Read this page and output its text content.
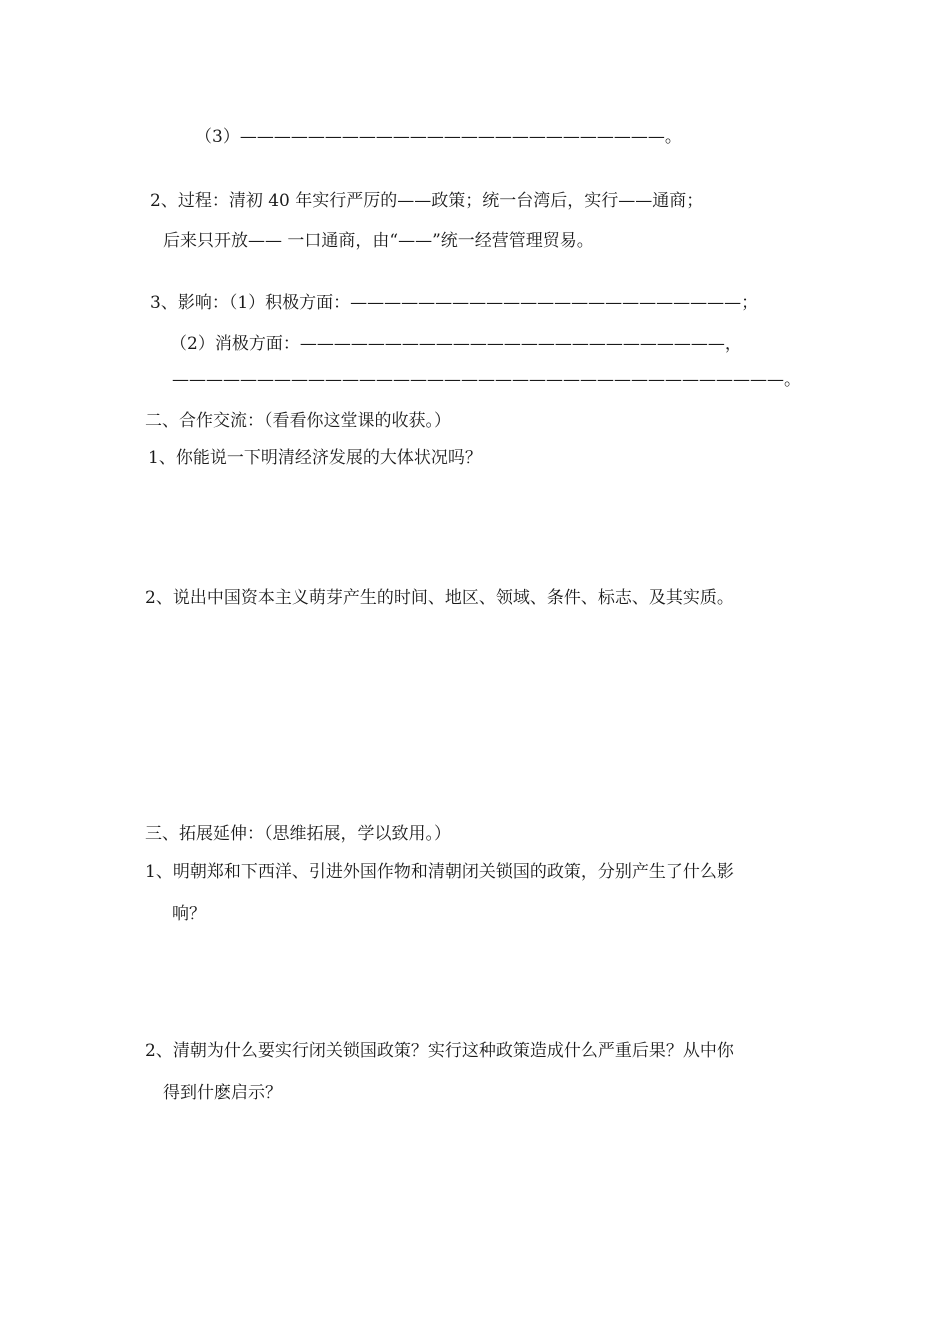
（3）—————————————————————————。
2、过程：清初 40 年实行严厉的——政策；统一台湾后，实行——通商；
后来只开放—— 一口通商，由“——”统一经营管理贸易。
3、影响：（1）积极方面：———————————————————————；
（2）消极方面：—————————————————————————，
————————————————————————————————————。
二、合作交流：（看看你这堂课的收获。）
1、你能说一下明清经济发展的大体状况吗？
2、说出中国资本主义萌芽产生的时间、地区、领域、条件、标志、及其实质。
三、拓展延伸：（思维拓展，学以致用。）
1、明朝郑和下西洋、引进外国作物和清朝闭关锁国的政策，分别产生了什么影
响？
2、清朝为什么要实行闭关锁国政策？实行这种政策造成什么严重后果？从中你
得到什麽启示？
